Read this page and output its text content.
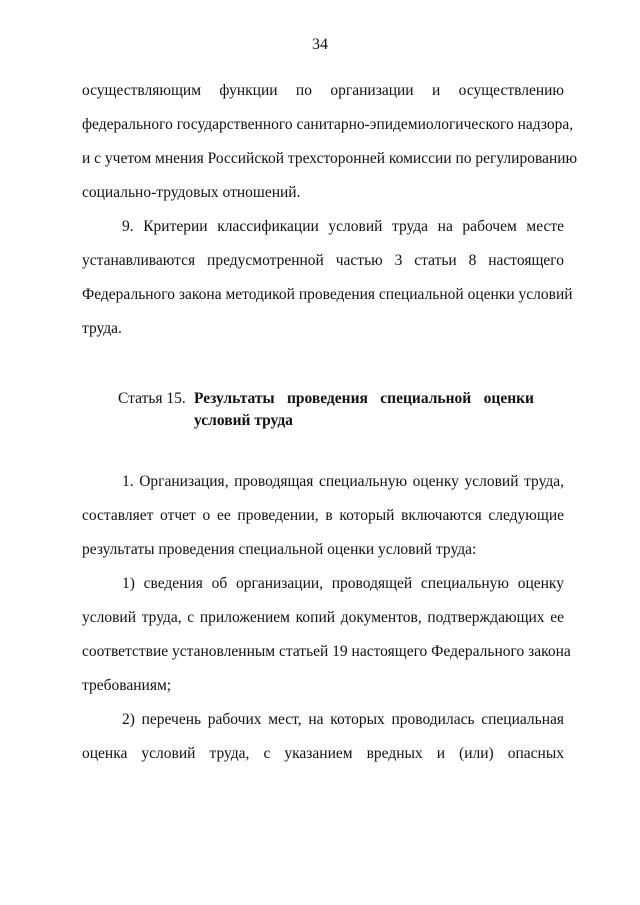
34
осуществляющим функции по организации и осуществлению
федерального государственного санитарно-эпидемиологического надзора,
и с учетом мнения Российской трехсторонней комиссии по регулированию
социально-трудовых отношений.
9. Критерии классификации условий труда на рабочем месте
устанавливаются предусмотренной частью 3 статьи 8 настоящего
Федерального закона методикой проведения специальной оценки условий
труда.
Статья 15. Результаты проведения специальной оценки
условий труда
1. Организация, проводящая специальную оценку условий труда,
составляет отчет о ее проведении, в который включаются следующие
результаты проведения специальной оценки условий труда:
1) сведения об организации, проводящей специальную оценку
условий труда, с приложением копий документов, подтверждающих ее
соответствие установленным статьей 19 настоящего Федерального закона
требованиям;
2) перечень рабочих мест, на которых проводилась специальная
оценка условий труда, с указанием вредных и (или) опасных
